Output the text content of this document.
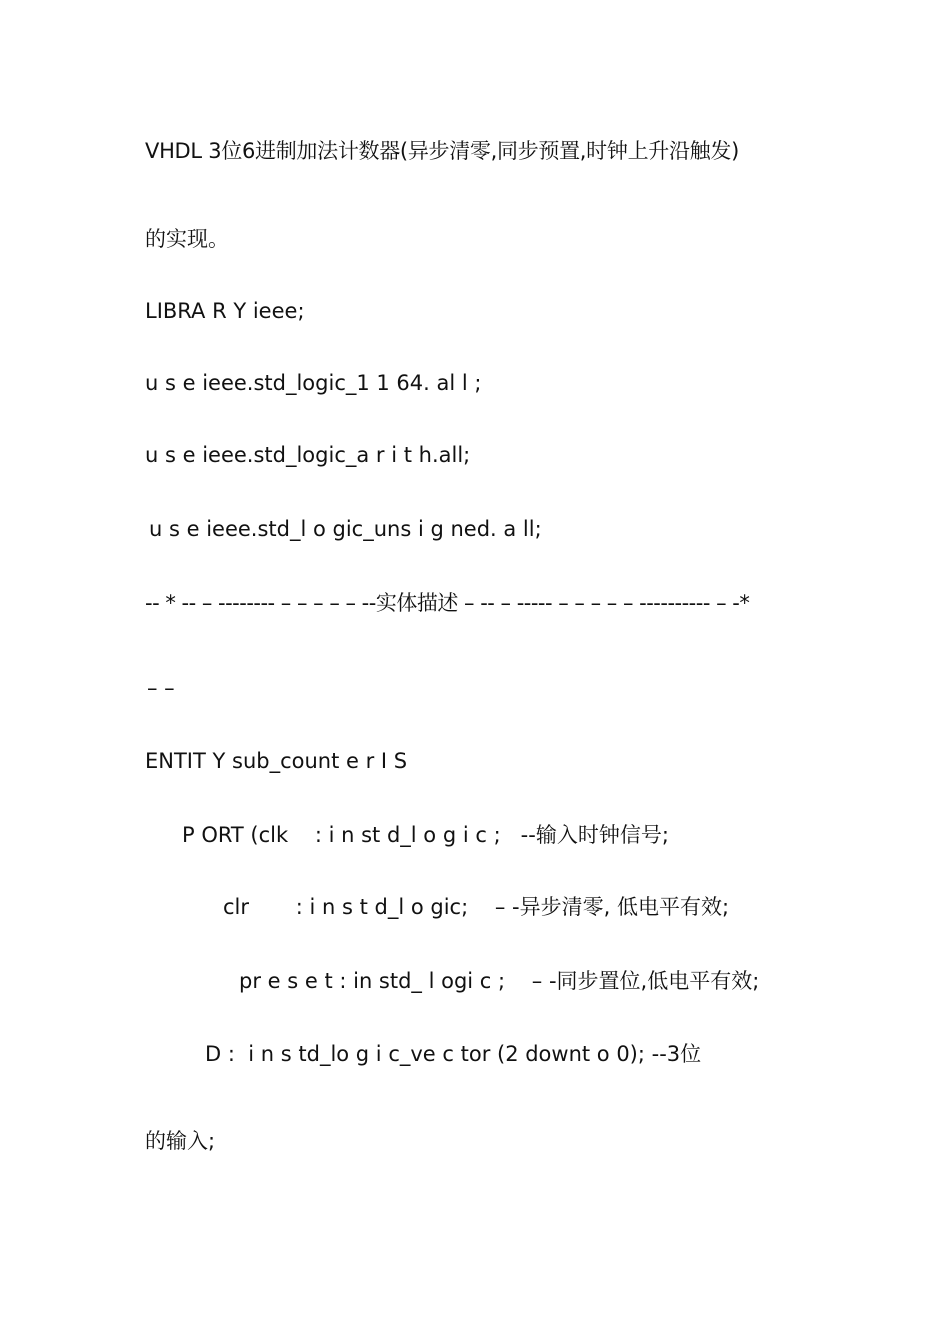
VHDL 3位6进制加法计数器(异步清零,同步预置,时钟上升沿触发)
的实现。
LIBRA R Y ieee;
u s e ieee.std_logic_1 1 64. al l ;
u s e ieee.std_logic_a r i t h.all;
u s e ieee.std_l o gic_uns i g ned. a ll;
-- * -- – -------- – – – – – --实体描述 – -- – ----- – – – – – ---------- – -*
– –
ENTIT Y sub_count e r I S
P ORT (clk    : i n st d_l o g i c ;   --输入时钟信号;
clr       : i n s t d_l o gic;    – -异步清零, 低电平有效;
pr e s e t : in std_ l ogi c ;    – -同步置位,低电平有效;
D :  i n s td_lo g i c_ve c tor (2 downt o 0); --3位
的输入;
